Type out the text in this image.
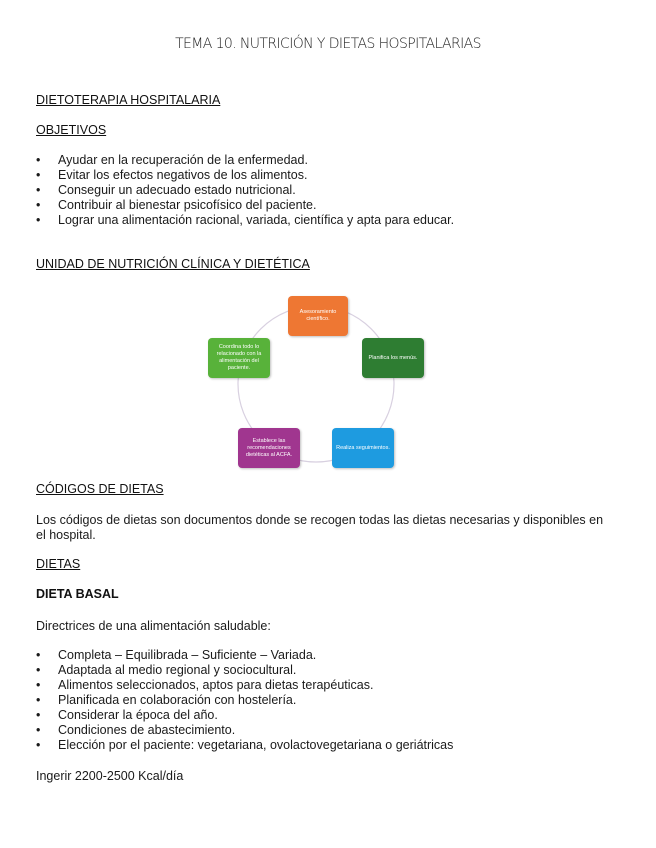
TEMA 10. NUTRICIÓN Y DIETAS HOSPITALARIAS
DIETOTERAPIA HOSPITALARIA
OBJETIVOS
• Ayudar en la recuperación de la enfermedad.
• Evitar los efectos negativos de los alimentos.
• Conseguir un adecuado estado nutricional.
• Contribuir al bienestar psicofísico del paciente.
• Lograr una alimentación racional, variada, científica y apta para educar.
UNIDAD DE NUTRICIÓN CLÍNICA Y DIETÉTICA
Asesoramiento científico.
Planifica los menús.
Realiza seguimientos.
Establece las recomendaciones dietéticas al ACFA.
Coordina todo lo relacionado con la alimentación del paciente.
CÓDIGOS DE DIETAS
Los códigos de dietas son documentos donde se recogen todas las dietas necesarias y disponibles en el hospital.
DIETAS
DIETA BASAL
Directrices de una alimentación saludable:
• Completa – Equilibrada – Suficiente – Variada.
• Adaptada al medio regional y sociocultural.
• Alimentos seleccionados, aptos para dietas terapéuticas.
• Planificada en colaboración con hostelería.
• Considerar la época del año.
• Condiciones de abastecimiento.
• Elección por el paciente: vegetariana, ovolactovegetariana o geriátricas
Ingerir 2200-2500 Kcal/día
